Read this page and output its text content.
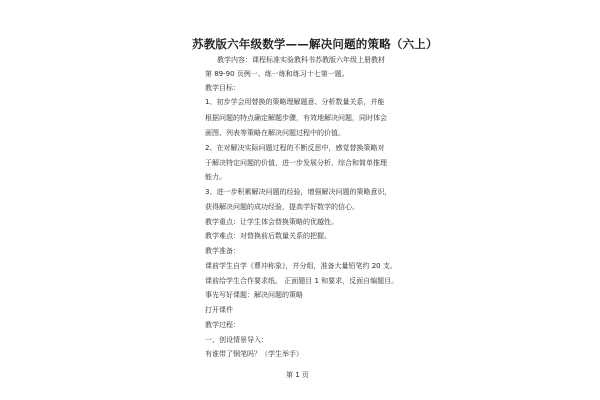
苏教版六年级数学——解决问题的策略（六上）
教学内容：课程标准实验教科书苏教版六年级上册教材
第 89-90 页例一、练一练和练习十七第一题。
教学目标：
1、初步学会用替换的策略理解题意、分析数量关系，并能
根据问题的特点确定解题步骤，有效地解决问题，同时体会
画图、列表等策略在解决问题过程中的价值。
2、在对解决实际问题过程的不断反思中，感觉替换策略对
于解决特定问题的价值，进一步发展分析、综合和简单推理
能力。
3、进一步积累解决问题的经验，增强解决问题的策略意识，
获得解决问题的成功经验，提高学好数学的信心。
教学重点：让学生体会替换策略的优越性。
教学难点：对替换前后数量关系的把握。
教学准备：
课前学生自学《曹冲称象》，并分组，准备大量铅笔约 20 支。
课前给学生合作要求纸。 正面题目 1 和要求，反面自编题目。
事先写好课题：解决问题的策略
打开课件
教学过程：
一、创设情景导入：
有谁带了钢笔吗？（学生举手）
第 1 页
